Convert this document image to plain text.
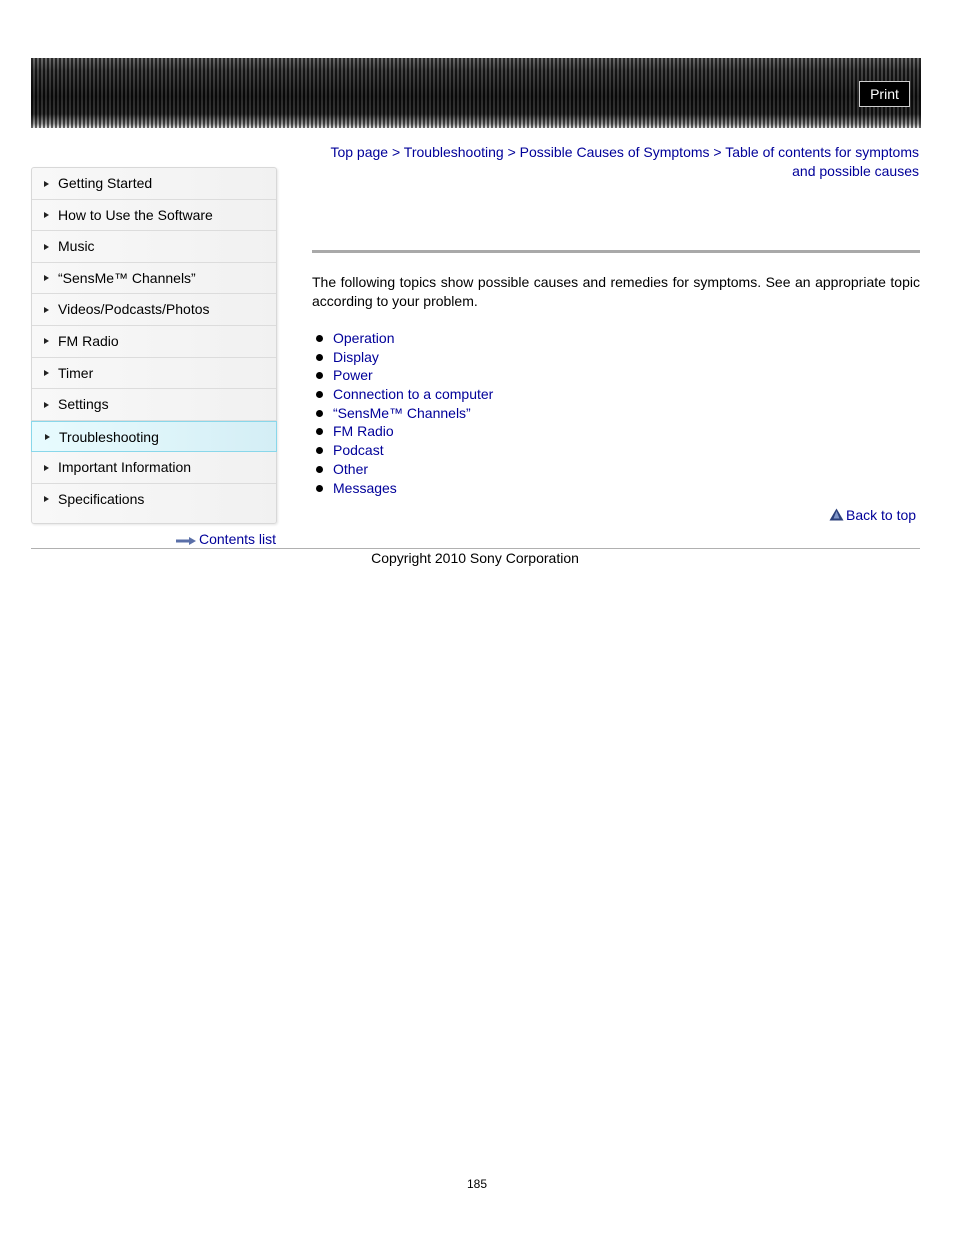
Print
Top page > Troubleshooting > Possible Causes of Symptoms > Table of contents for symptoms and possible causes
Getting Started
How to Use the Software
Music
“SensMe™ Channels”
Videos/Podcasts/Photos
FM Radio
Timer
Settings
Troubleshooting
Important Information
Specifications
Contents list
The following topics show possible causes and remedies for symptoms. See an appropriate topic according to your problem.
Operation
Display
Power
Connection to a computer
“SensMe™ Channels”
FM Radio
Podcast
Other
Messages
Back to top
Copyright 2010 Sony Corporation
185
